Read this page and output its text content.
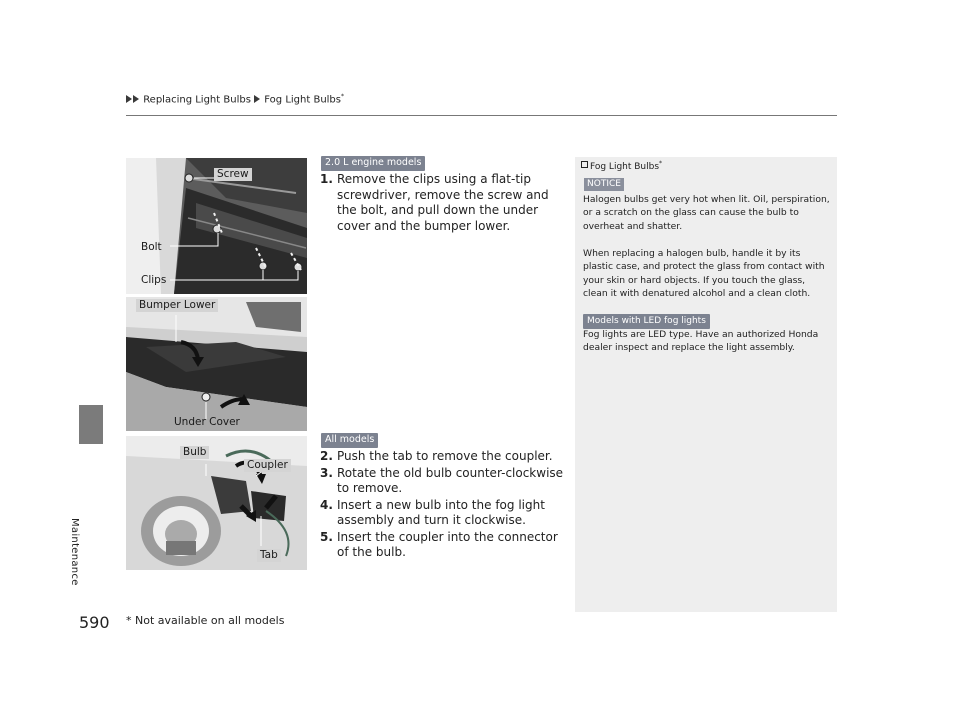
Replacing Light Bulbs Fog Light Bulbs*
Maintenance
590 * Not available on all models
Screw
Bolt
Clips
Bumper Lower
Under Cover
Bulb
Coupler
Tab
2.0 L engine models
1. Remove the clips using a flat-tip screwdriver, remove the screw and the bolt, and pull down the under cover and the bumper lower.
All models
2. Push the tab to remove the coupler.
3. Rotate the old bulb counter-clockwise to remove.
4. Insert a new bulb into the fog light assembly and turn it clockwise.
5. Insert the coupler into the connector of the bulb.
Fog Light Bulbs*
NOTICE
Halogen bulbs get very hot when lit. Oil, perspiration, or a scratch on the glass can cause the bulb to overheat and shatter.
When replacing a halogen bulb, handle it by its plastic case, and protect the glass from contact with your skin or hard objects. If you touch the glass, clean it with denatured alcohol and a clean cloth.
Models with LED fog lights
Fog lights are LED type. Have an authorized Honda dealer inspect and replace the light assembly.
